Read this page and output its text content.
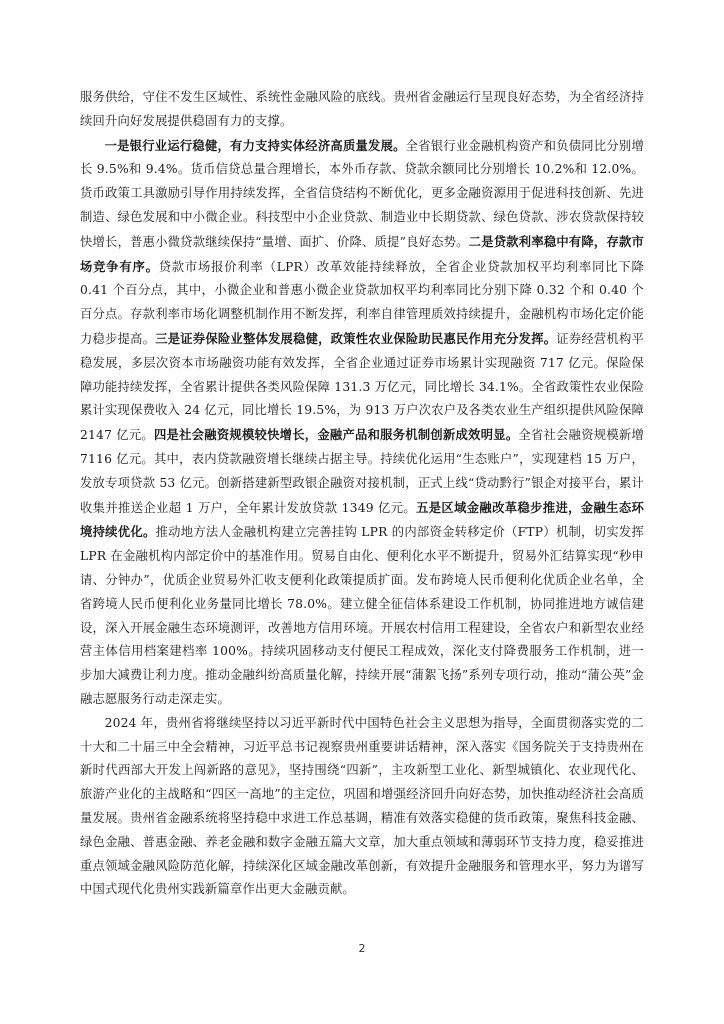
服务供给，守住不发生区域性、系统性金融风险的底线。贵州省金融运行呈现良好态势，为全省经济持续回升向好发展提供稳固有力的支撑。

一是银行业运行稳健，有力支持实体经济高质量发展。全省银行业金融机构资产和负债同比分别增长 9.5%和 9.4%。货币信贷总量合理增长，本外币存款、贷款余额同比分别增长 10.2%和 12.0%。货币政策工具激励引导作用持续发挥，全省信贷结构不断优化，更多金融资源用于促进科技创新、先进制造、绿色发展和中小微企业。科技型中小企业贷款、制造业中长期贷款、绿色贷款、涉农贷款保持较快增长，普惠小微贷款继续保持“量增、面扩、价降、质提”良好态势。二是贷款利率稳中有降，存款市场竞争有序。贷款市场报价利率（LPR）改革效能持续释放，全省企业贷款加权平均利率同比下降 0.41 个百分点，其中，小微企业和普惠小微企业贷款加权平均利率同比分别下降 0.32 个和 0.40 个百分点。存款利率市场化调整机制作用不断发挥，利率自律管理质效持续提升，金融机构市场化定价能力稳步提高。三是证券保险业整体发展稳健，政策性农业保险助民惠民作用充分发挥。证券经营机构平稳发展，多层次资本市场融资功能有效发挥，全省企业通过证券市场累计实现融资 717 亿元。保险保障功能持续发挥，全省累计提供各类风险保障 131.3 万亿元，同比增长 34.1%。全省政策性农业保险累计实现保费收入 24 亿元，同比增长 19.5%，为 913 万户次农户及各类农业生产组织提供风险保障 2147 亿元。四是社会融资规模较快增长，金融产品和服务机制创新成效明显。全省社会融资规模新增 7116 亿元。其中，表内贷款融资增长继续占据主导。持续优化运用“生态账户”，实现建档 15 万户，发放专项贷款 53 亿元。创新搭建新型政银企融资对接机制，正式上线“贷动黔行”银企对接平台，累计收集并推送企业超 1 万户，全年累计发放贷款 1349 亿元。五是区域金融改革稳步推进，金融生态环境持续优化。推动地方法人金融机构建立完善挂钩 LPR 的内部资金转移定价（FTP）机制，切实发挥 LPR 在金融机构内部定价中的基准作用。贸易自由化、便利化水平不断提升，贸易外汇结算实现“秒申请、分钟办”，优质企业贸易外汇收支便利化政策提质扩面。发布跨境人民币便利化优质企业名单，全省跨境人民币便利化业务量同比增长 78.0%。建立健全征信体系建设工作机制，协同推进地方诚信建设，深入开展金融生态环境测评，改善地方信用环境。开展农村信用工程建设，全省农户和新型农业经营主体信用档案建档率 100%。持续巩固移动支付便民工程成效，深化支付降费服务工作机制，进一步加大减费让利力度。推动金融纠纷高质量化解，持续开展“蒲絮飞扬”系列专项行动，推动“蒲公英”金融志愿服务行动走深走实。

2024 年，贵州省将继续坚持以习近平新时代中国特色社会主义思想为指导，全面贯彻落实党的二十大和二十届三中全会精神，习近平总书记视察贵州重要讲话精神，深入落实《国务院关于支持贵州在新时代西部大开发上闯新路的意见》，坚持围绕“四新”，主攻新型工业化、新型城镇化、农业现代化、旅游产业化的主战略和“四区一高地”的主定位，巩固和增强经济回升向好态势，加快推动经济社会高质量发展。贵州省金融系统将坚持稳中求进工作总基调，精准有效落实稳健的货币政策，聚焦科技金融、绿色金融、普惠金融、养老金融和数字金融五篇大文章，加大重点领域和薄弱环节支持力度，稳妥推进重点领域金融风险防范化解，持续深化区域金融改革创新，有效提升金融服务和管理水平，努力为谱写中国式现代化贵州实践新篇章作出更大金融贡献。

2
